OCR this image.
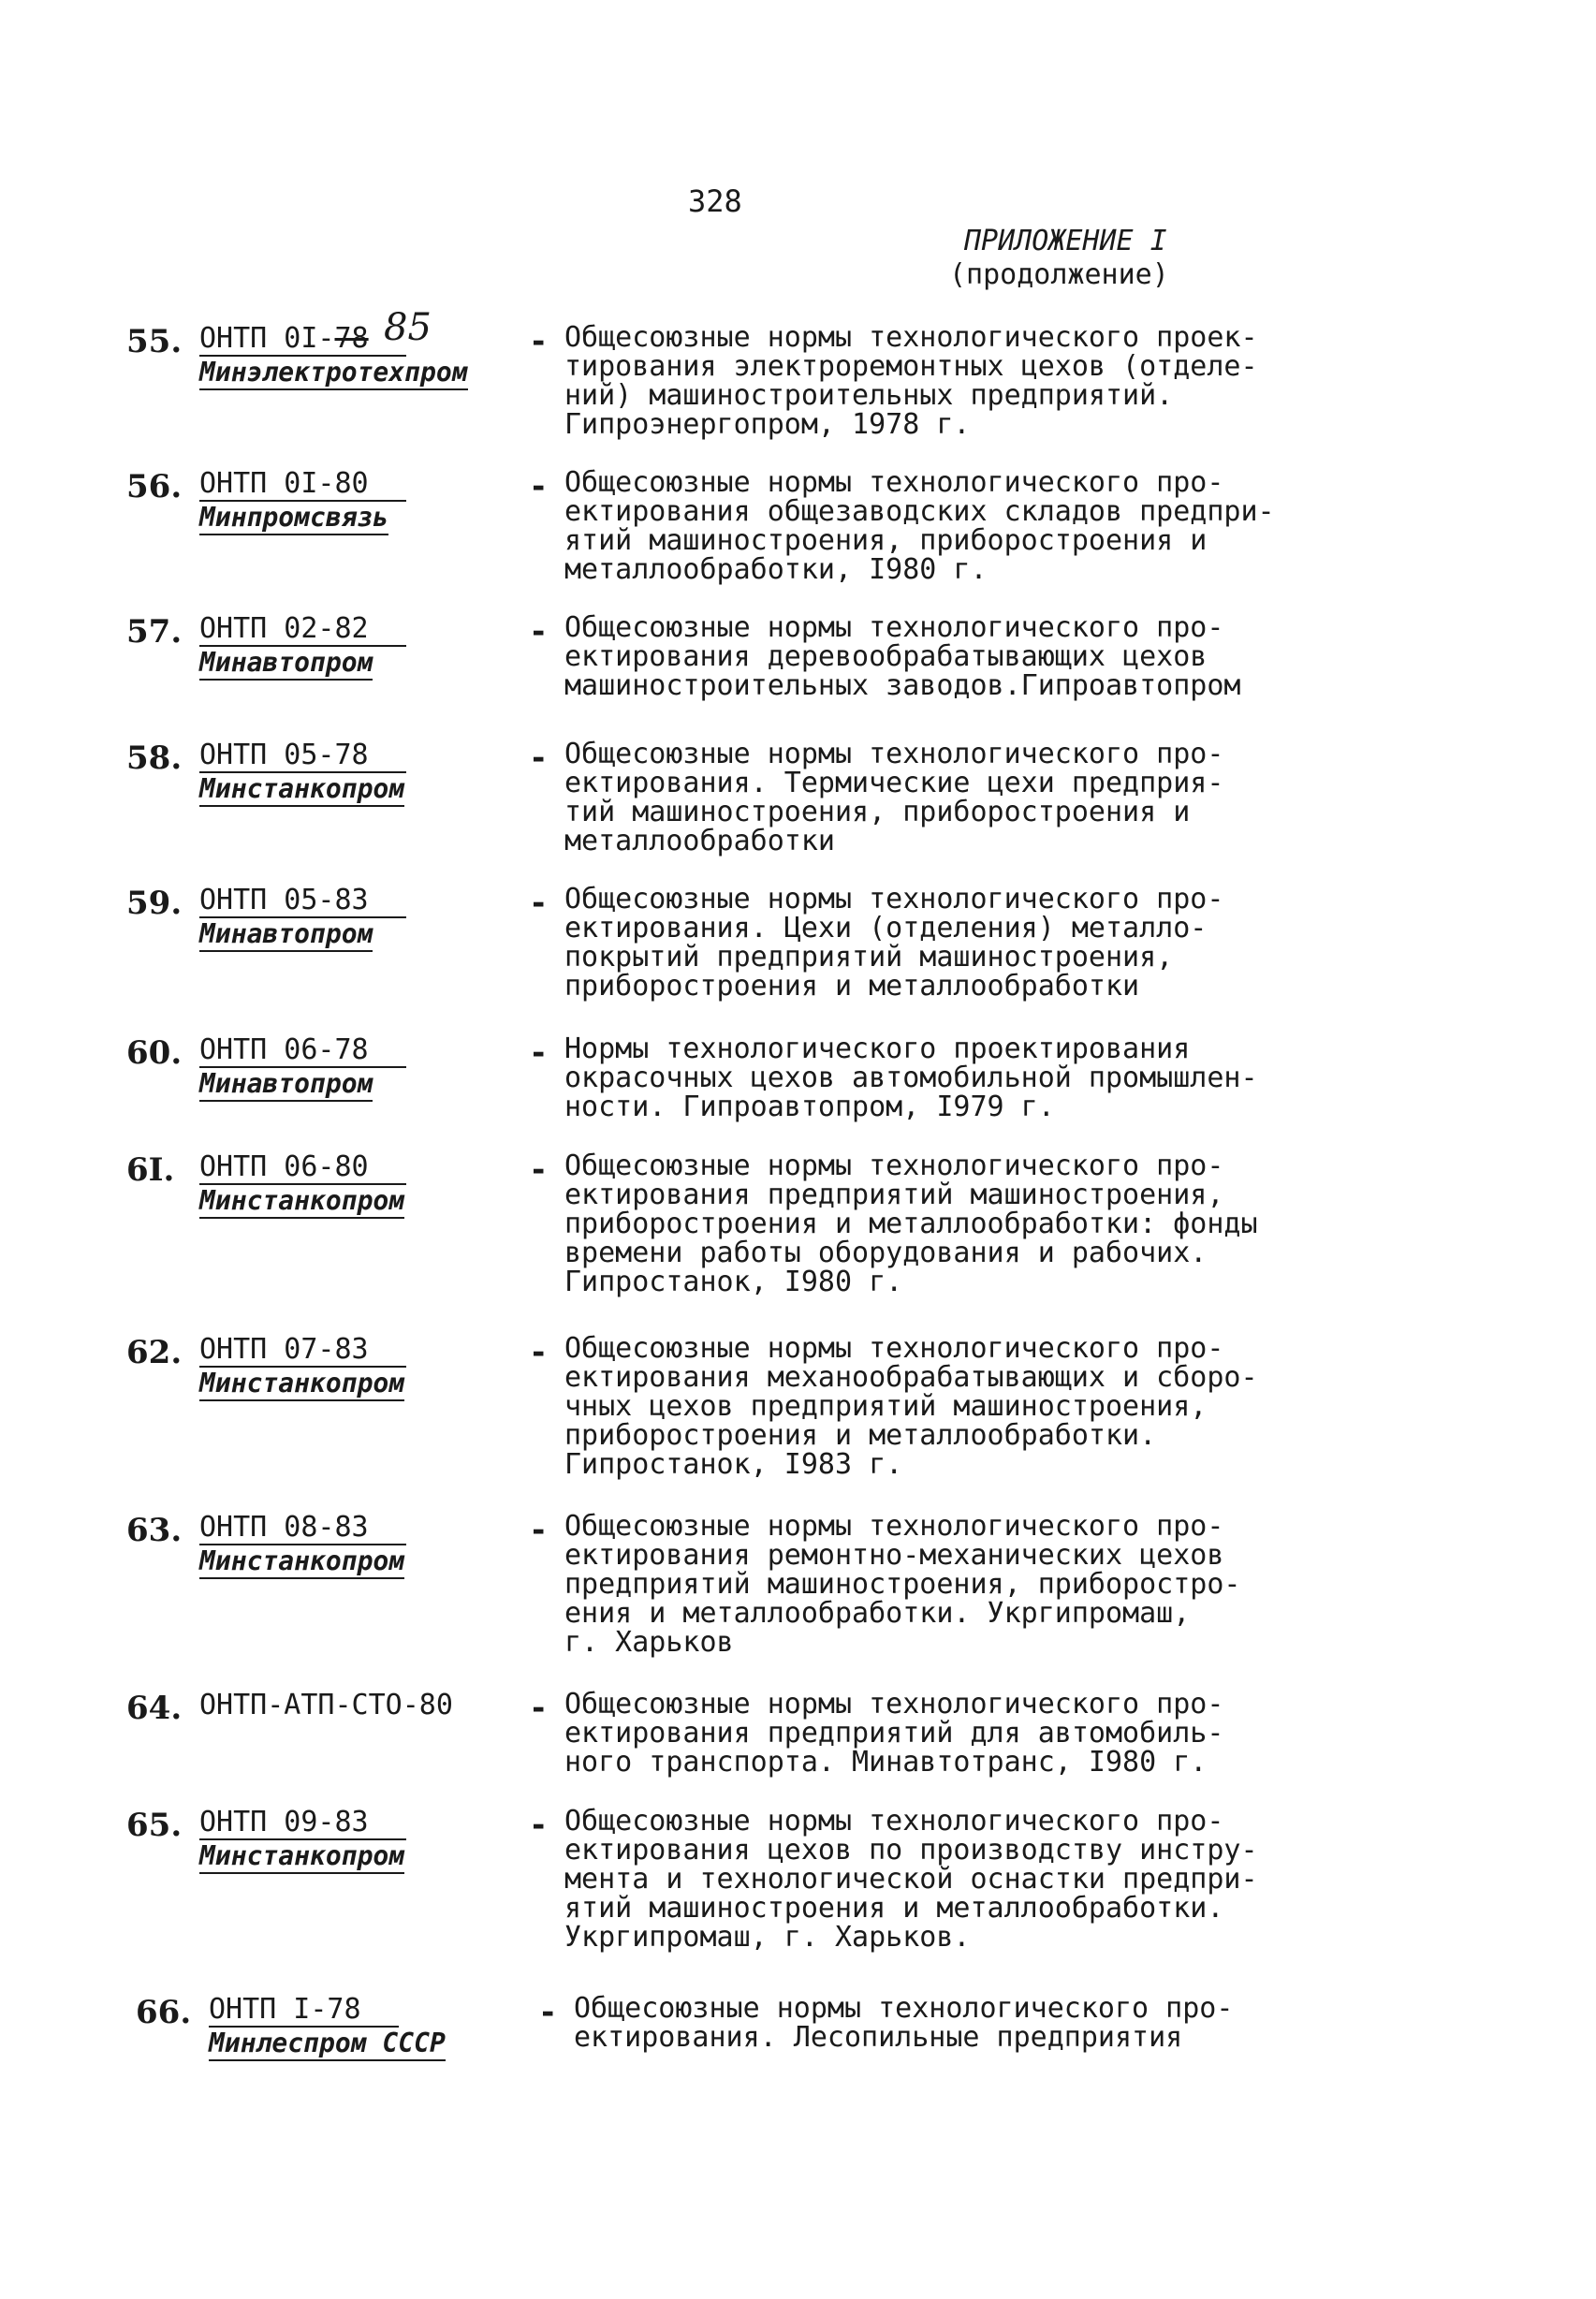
328
ПРИЛОЖЕНИЕ I
(продолжение)
55. ОНТП 0I-78
Минэлектротехпром
85	- Общесоюзные нормы технологического проек-
тирования электроремонтных цехов (отделе-
ний) машиностроительных предприятий.
Гипроэнергопром, 1978 г.
56. ОНТП 0I-80
Минпромсвязь
- Общесоюзные нормы технологического про-
ектирования общезаводских складов предпри-
ятий машиностроения, приборостроения и
металлообработки, I980 г.
57. ОНТП 02-82
Минавтопром
- Общесоюзные нормы технологического про-
ектирования деревообрабатывающих цехов
машиностроительных заводов.Гипроавтопром
58. ОНТП 05-78
Минстанкопром
- Общесоюзные нормы технологического про-
ектирования. Термические цехи предприя-
тий машиностроения, приборостроения и
металлообработки
59. ОНТП 05-83
Минавтопром
- Общесоюзные нормы технологического про-
ектирования. Цехи (отделения) металло-
покрытий предприятий машиностроения,
приборостроения и металлообработки
60. ОНТП 06-78
Минавтопром
- Нормы технологического проектирования
окрасочных цехов автомобильной промышлен-
ности. Гипроавтопром, I979 г.
6I. ОНТП 06-80
Минстанкопром
- Общесоюзные нормы технологического про-
ектирования предприятий машиностроения,
приборостроения и металлообработки: фонды
времени работы оборудования и рабочих.
Гипростанок, I980 г.
62. ОНТП 07-83
Минстанкопром
- Общесоюзные нормы технологического про-
ектирования механообрабатывающих и сборо-
чных цехов предприятий машиностроения,
приборостроения и металлообработки.
Гипростанок, I983 г.
63. ОНТП 08-83
Минстанкопром
- Общесоюзные нормы технологического про-
ектирования ремонтно-механических цехов
предприятий машиностроения, приборостро-
ения и металлообработки. Укргипромаш,
г. Харьков
64. ОНТП-АТП-СТО-80	- Общесоюзные нормы технологического про-
ектирования предприятий для автомобиль-
ного транспорта. Минавтотранс, I980 г.
65. ОНТП 09-83
Минстанкопром
- Общесоюзные нормы технологического про-
ектирования цехов по производству инстру-
мента и технологической оснастки предпри-
ятий машиностроения и металлообработки.
Укргипромаш, г. Харьков.
66. ОНТП I-78
Минлеспром СССР
- Общесоюзные нормы технологического про-
ектирования. Лесопильные предприятия
